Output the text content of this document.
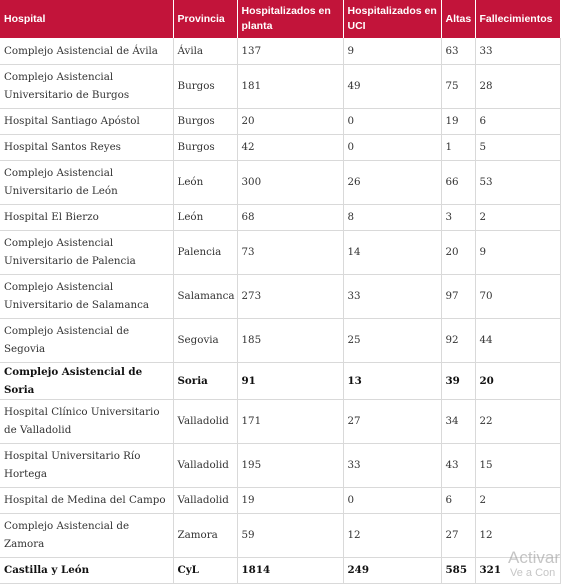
Hospital	Provincia	Hospitalizados en planta	Hospitalizados en UCI	Altas	Fallecimientos
Complejo Asistencial de Ávila	Ávila	137	9	63	33
Complejo Asistencial Universitario de Burgos	Burgos	181	49	75	28
Hospital Santiago Apóstol	Burgos	20	0	19	6
Hospital Santos Reyes	Burgos	42	0	1	5
Complejo Asistencial Universitario de León	León	300	26	66	53
Hospital El Bierzo	León	68	8	3	2
Complejo Asistencial Universitario de Palencia	Palencia	73	14	20	9
Complejo Asistencial Universitario de Salamanca	Salamanca	273	33	97	70
Complejo Asistencial de Segovia	Segovia	185	25	92	44
Complejo Asistencial de Soria	Soria	91	13	39	20
Hospital Clínico Universitario de Valladolid	Valladolid	171	27	34	22
Hospital Universitario Río Hortega	Valladolid	195	33	43	15
Hospital de Medina del Campo	Valladolid	19	0	6	2
Complejo Asistencial de Zamora	Zamora	59	12	27	12
Castilla y León	CyL	1814	249	585	321
Activar
Ve a Con
